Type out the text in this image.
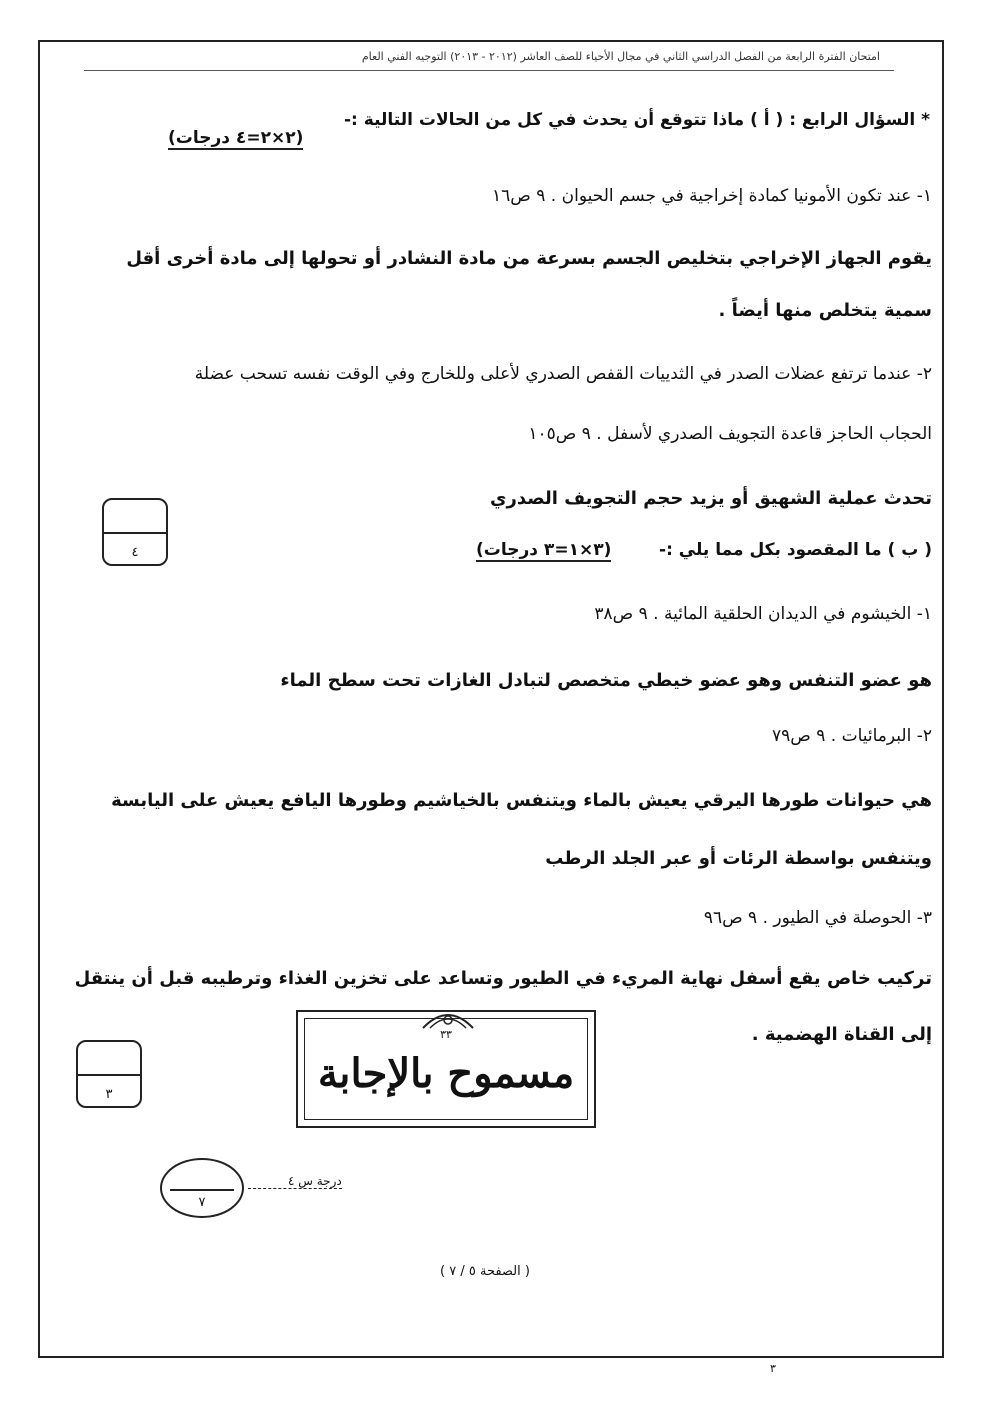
امتحان الفترة الرابعة من الفصل الدراسي الثاني في مجال الأحياء للصف العاشر (٢٠١٢ - ٢٠١٣) التوجيه الفني العام
* السؤال الرابع : ( أ ) ماذا تتوقع أن يحدث في كل من الحالات التالية :-
(٢×٢=٤ درجات)
١- عند تكون الأمونيا كمادة إخراجية في جسم الحيوان . ٩ ص١٦
يقوم الجهاز الإخراجي بتخليص الجسم بسرعة من مادة النشادر أو تحولها إلى مادة أخرى أقل
سمية يتخلص منها أيضاً .
٢- عندما ترتفع عضلات الصدر في الثدييات القفص الصدري لأعلى وللخارج وفي الوقت نفسه تسحب عضلة
الحجاب الحاجز قاعدة التجويف الصدري لأسفل . ٩ ص١٠٥
تحدث عملية الشهيق أو يزيد حجم التجويف الصدري
٤	( ب ) ما المقصود بكل مما يلي :-
(٣×١=٣ درجات)
١- الخيشوم في الديدان الحلقية المائية . ٩ ص٣٨
هو عضو التنفس وهو عضو خيطي متخصص لتبادل الغازات تحت سطح الماء
٢- البرمائيات . ٩ ص٧٩
هي حيوانات طورها اليرقي يعيش بالماء ويتنفس بالخياشيم وطورها اليافع يعيش على اليابسة
ويتنفس بواسطة الرئات أو عبر الجلد الرطب
٣- الحوصلة في الطيور . ٩ ص٩٦
تركيب خاص يقع أسفل نهاية المريء في الطيور وتساعد على تخزين الغذاء وترطيبه قبل أن ينتقل
إلى القناة الهضمية .
٣
٣٣
مسموح بالإجابة
٧
درجة س ٤
( الصفحة ٥ / ٧ )
٣
